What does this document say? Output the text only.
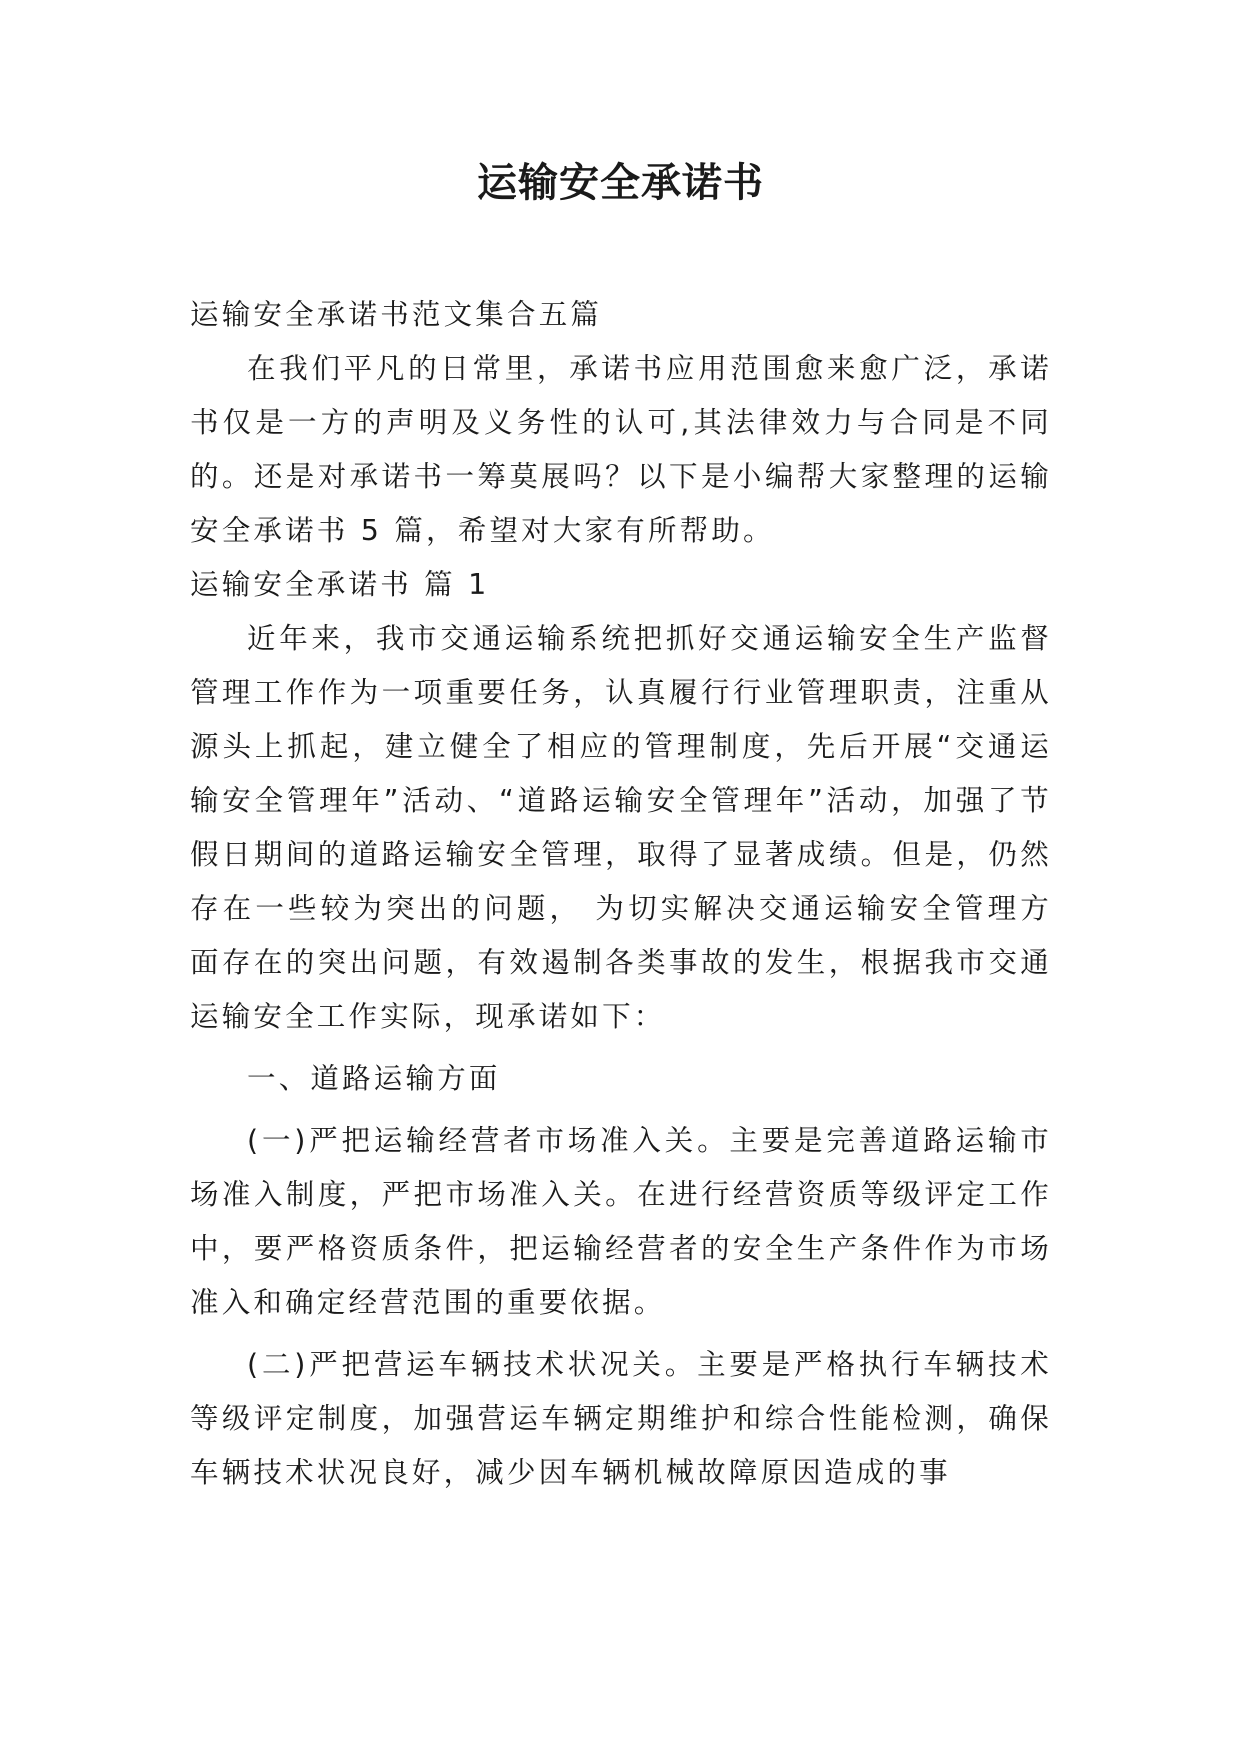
运输安全承诺书

运输安全承诺书范文集合五篇

在我们平凡的日常里，承诺书应用范围愈来愈广泛，承诺书仅是一方的声明及义务性的认可,其法律效力与合同是不同的。还是对承诺书一筹莫展吗？以下是小编帮大家整理的运输安全承诺书 5 篇，希望对大家有所帮助。

运输安全承诺书 篇 1

近年来，我市交通运输系统把抓好交通运输安全生产监督管理工作作为一项重要任务，认真履行行业管理职责，注重从源头上抓起，建立健全了相应的管理制度，先后开展“交通运输安全管理年”活动、“道路运输安全管理年”活动，加强了节假日期间的道路运输安全管理，取得了显著成绩。但是，仍然存在一些较为突出的问题， 为切实解决交通运输安全管理方面存在的突出问题，有效遏制各类事故的发生，根据我市交通运输安全工作实际，现承诺如下：

一、道路运输方面

(一)严把运输经营者市场准入关。主要是完善道路运输市场准入制度，严把市场准入关。在进行经营资质等级评定工作中，要严格资质条件，把运输经营者的安全生产条件作为市场准入和确定经营范围的重要依据。

(二)严把营运车辆技术状况关。主要是严格执行车辆技术等级评定制度，加强营运车辆定期维护和综合性能检测，确保车辆技术状况良好，减少因车辆机械故障原因造成的事
